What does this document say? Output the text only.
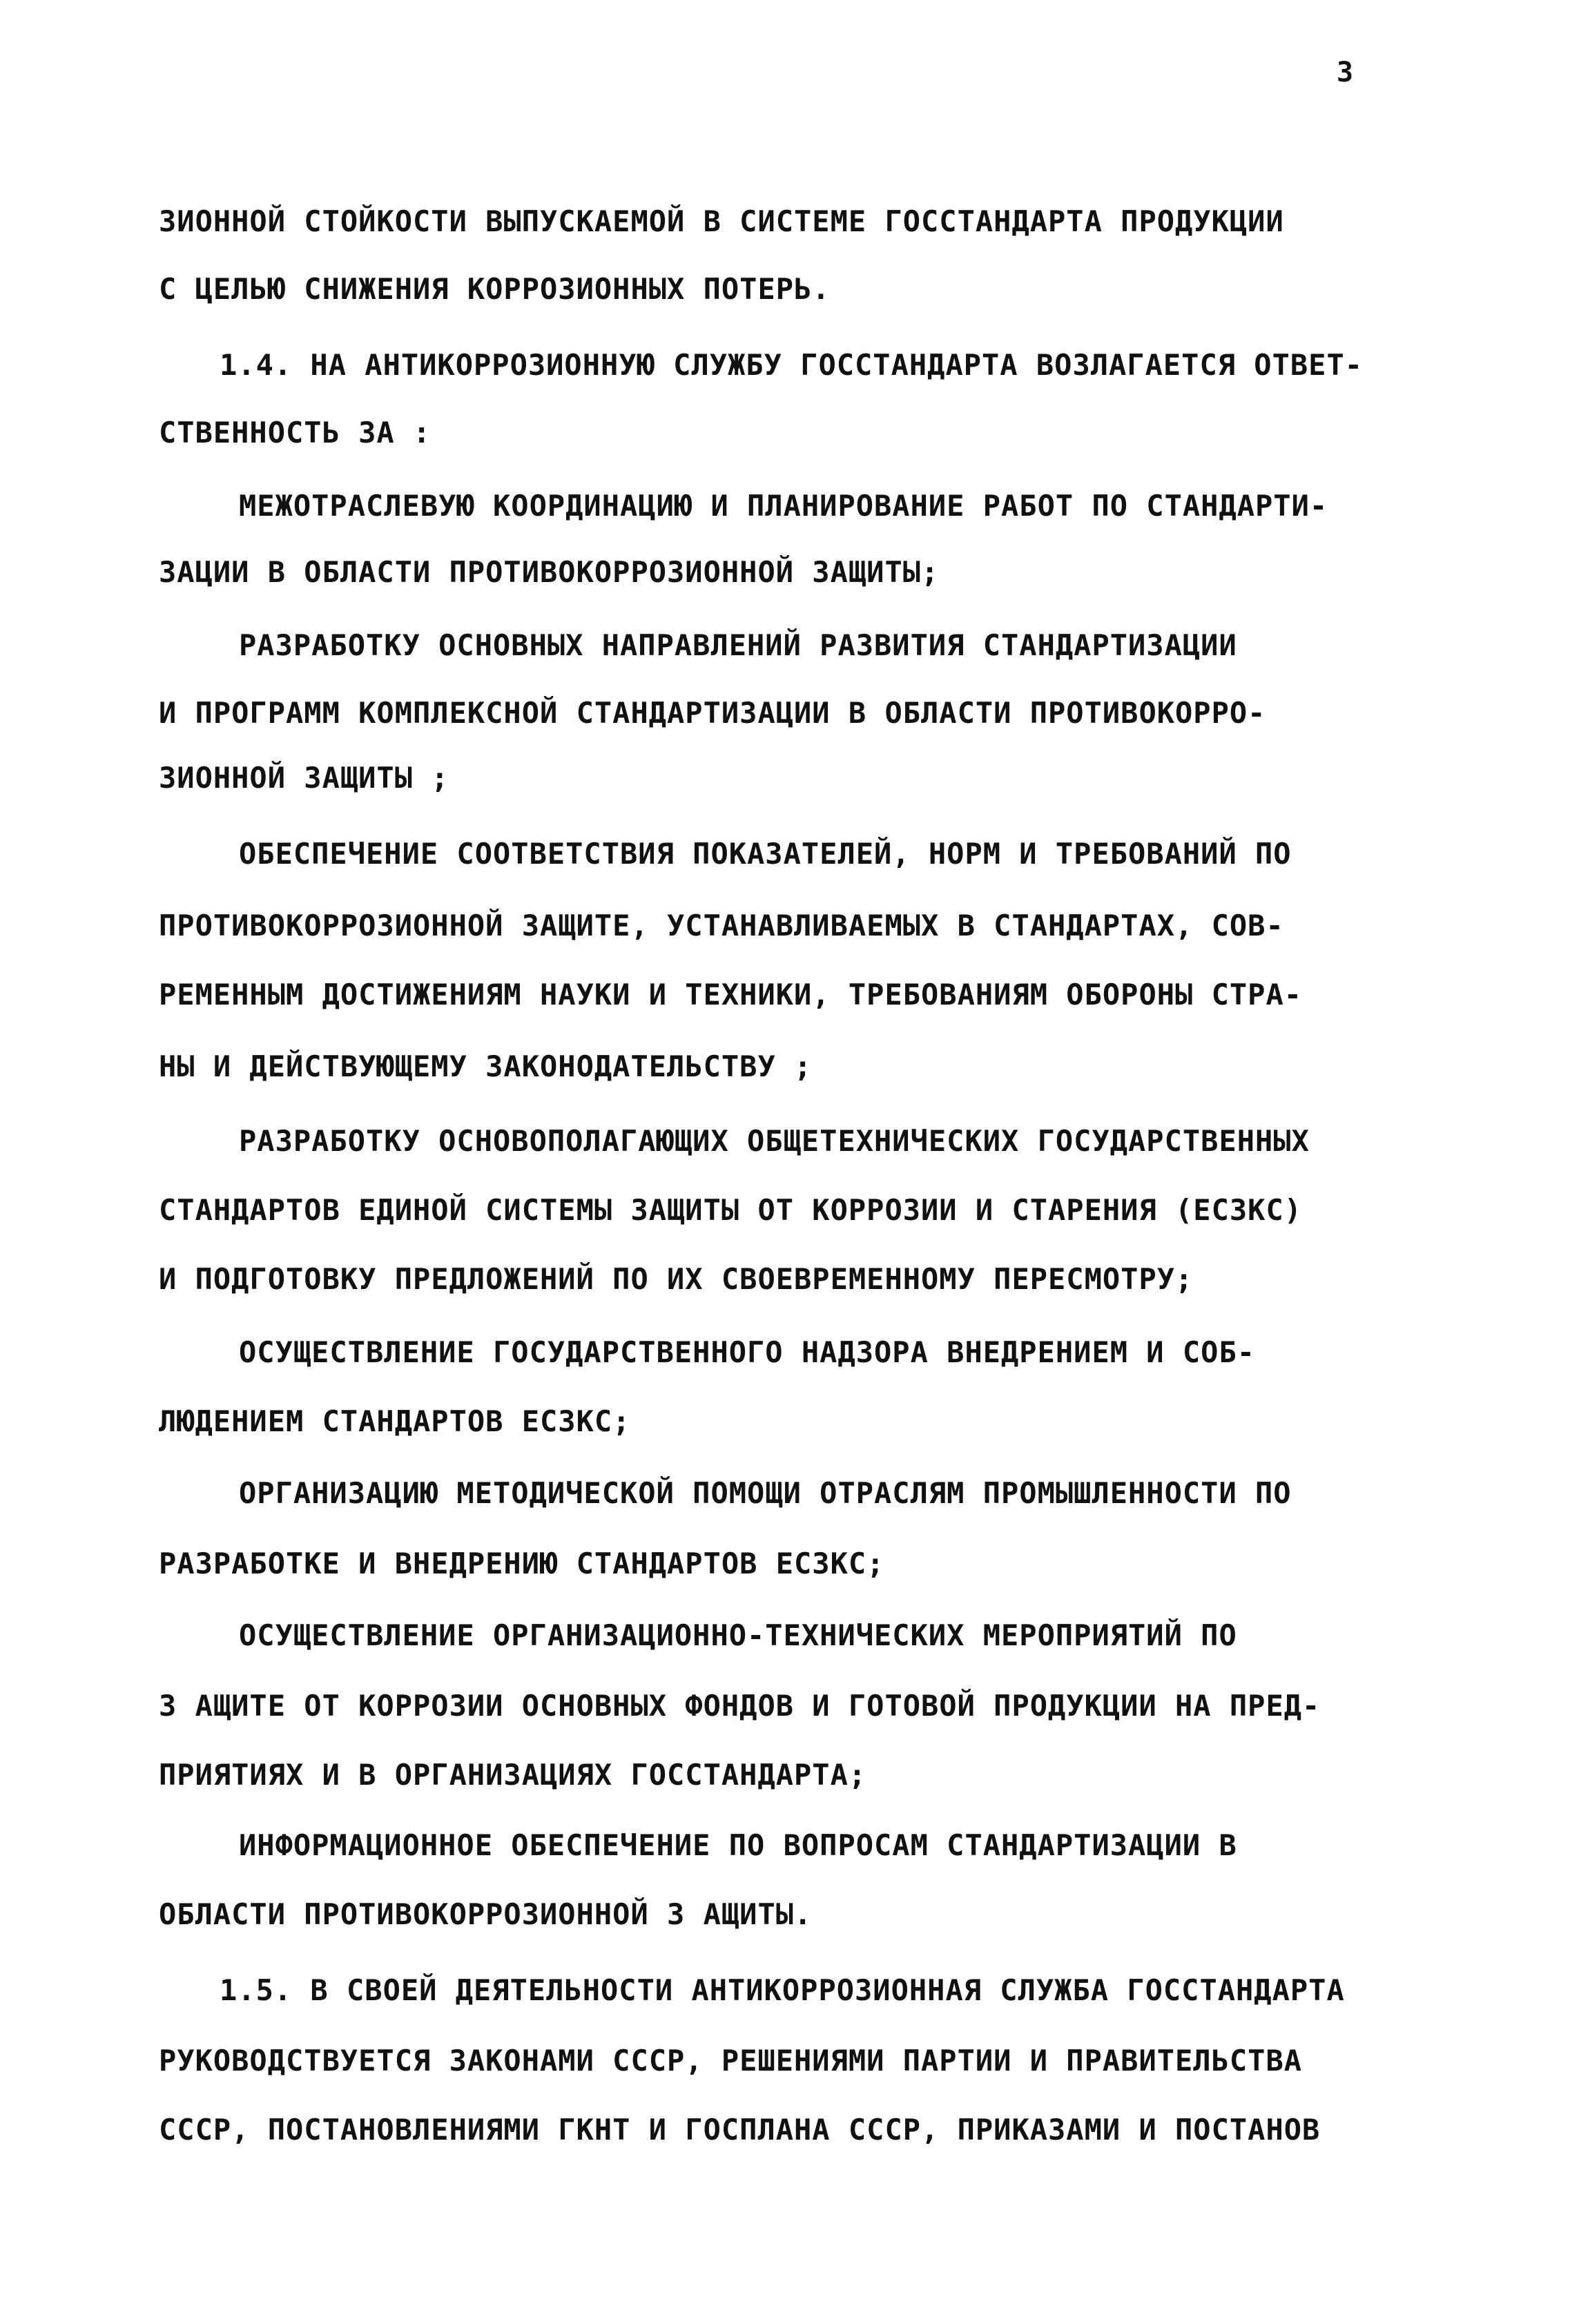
3
ЗИОННОЙ СТОЙКОСТИ ВЫПУСКАЕМОЙ В СИСТЕМЕ ГОССТАНДАРТА ПРОДУКЦИИ
С ЦЕЛЬЮ СНИЖЕНИЯ КОРРОЗИОННЫХ ПОТЕРЬ.
1.4. НА АНТИКОРРОЗИОННУЮ СЛУЖБУ ГОССТАНДАРТА ВОЗЛАГАЕТСЯ ОТВЕТ-
СТВЕННОСТЬ ЗА :
МЕЖОТРАСЛЕВУЮ КООРДИНАЦИЮ И ПЛАНИРОВАНИЕ РАБОТ ПО СТАНДАРТИ-
ЗАЦИИ В ОБЛАСТИ ПРОТИВОКОРРОЗИОННОЙ ЗАЩИТЫ;
РАЗРАБОТКУ ОСНОВНЫХ НАПРАВЛЕНИЙ РАЗВИТИЯ СТАНДАРТИЗАЦИИ
И ПРОГРАММ КОМПЛЕКСНОЙ СТАНДАРТИЗАЦИИ В ОБЛАСТИ ПРОТИВОКОРРО-
ЗИОННОЙ ЗАЩИТЫ ;
ОБЕСПЕЧЕНИЕ СООТВЕТСТВИЯ ПОКАЗАТЕЛЕЙ, НОРМ И ТРЕБОВАНИЙ ПО
ПРОТИВОКОРРОЗИОННОЙ ЗАЩИТЕ, УСТАНАВЛИВАЕМЫХ В СТАНДАРТАХ, СОВ-
РЕМЕННЫМ ДОСТИЖЕНИЯМ НАУКИ И ТЕХНИКИ, ТРЕБОВАНИЯМ ОБОРОНЫ СТРА-
НЫ И ДЕЙСТВУЮЩЕМУ ЗАКОНОДАТЕЛЬСТВУ ;
РАЗРАБОТКУ ОСНОВОПОЛАГАЮЩИХ ОБЩЕТЕХНИЧЕСКИХ ГОСУДАРСТВЕННЫХ
СТАНДАРТОВ ЕДИНОЙ СИСТЕМЫ ЗАЩИТЫ ОТ КОРРОЗИИ И СТАРЕНИЯ (ЕСЗКС)
И ПОДГОТОВКУ ПРЕДЛОЖЕНИЙ ПО ИХ СВОЕВРЕМЕННОМУ ПЕРЕСМОТРУ;
ОСУЩЕСТВЛЕНИЕ ГОСУДАРСТВЕННОГО НАДЗОРА ВНЕДРЕНИЕМ И СОБ-
ЛЮДЕНИЕМ СТАНДАРТОВ ЕСЗКС;
ОРГАНИЗАЦИЮ МЕТОДИЧЕСКОЙ ПОМОЩИ ОТРАСЛЯМ ПРОМЫШЛЕННОСТИ ПО
РАЗРАБОТКЕ И ВНЕДРЕНИЮ СТАНДАРТОВ ЕСЗКС;
ОСУЩЕСТВЛЕНИЕ ОРГАНИЗАЦИОННО-ТЕХНИЧЕСКИХ МЕРОПРИЯТИЙ ПО
З АЩИТЕ ОТ КОРРОЗИИ ОСНОВНЫХ ФОНДОВ И ГОТОВОЙ ПРОДУКЦИИ НА ПРЕД-
ПРИЯТИЯХ И В ОРГАНИЗАЦИЯХ ГОССТАНДАРТА;
ИНФОРМАЦИОННОЕ ОБЕСПЕЧЕНИЕ ПО ВОПРОСАМ СТАНДАРТИЗАЦИИ В
ОБЛАСТИ ПРОТИВОКОРРОЗИОННОЙ З АЩИТЫ.
1.5. В СВОЕЙ ДЕЯТЕЛЬНОСТИ АНТИКОРРОЗИОННАЯ СЛУЖБА ГОССТАНДАРТА
РУКОВОДСТВУЕТСЯ ЗАКОНАМИ СССР, РЕШЕНИЯМИ ПАРТИИ И ПРАВИТЕЛЬСТВА
СССР, ПОСТАНОВЛЕНИЯМИ ГКНТ И ГОСПЛАНА СССР, ПРИКАЗАМИ И ПОСТАНОВ
